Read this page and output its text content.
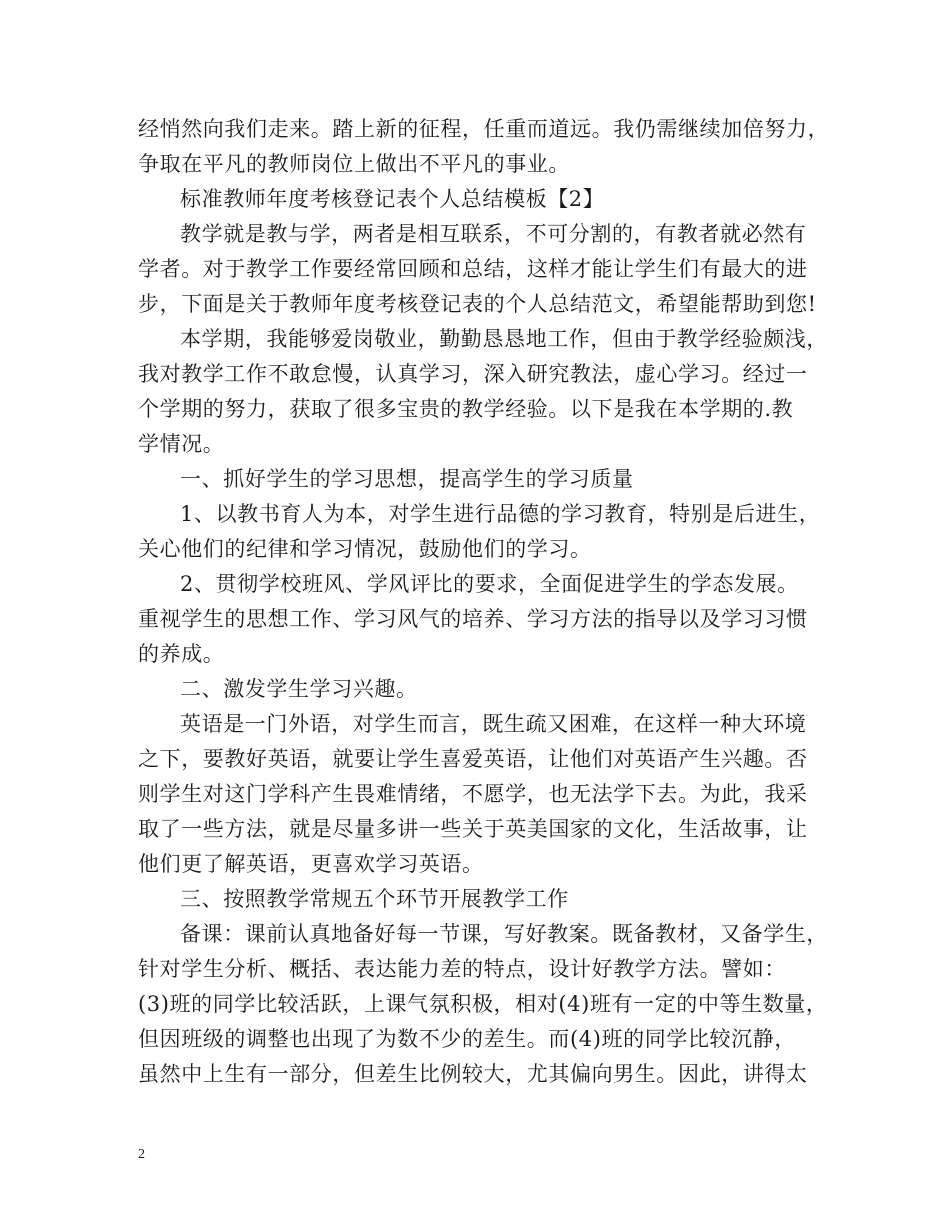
经悄然向我们走来。踏上新的征程，任重而道远。我仍需继续加倍努力，
争取在平凡的教师岗位上做出不平凡的事业。
标准教师年度考核登记表个人总结模板【2】
教学就是教与学，两者是相互联系，不可分割的，有教者就必然有
学者。对于教学工作要经常回顾和总结，这样才能让学生们有最大的进
步，下面是关于教师年度考核登记表的个人总结范文，希望能帮助到您!
本学期，我能够爱岗敬业，勤勤恳恳地工作，但由于教学经验颇浅，
我对教学工作不敢怠慢，认真学习，深入研究教法，虚心学习。经过一
个学期的努力，获取了很多宝贵的教学经验。以下是我在本学期的.教
学情况。
一、抓好学生的学习思想，提高学生的学习质量
1、以教书育人为本，对学生进行品德的学习教育，特别是后进生，
关心他们的纪律和学习情况，鼓励他们的学习。
2、贯彻学校班风、学风评比的要求，全面促进学生的学态发展。
重视学生的思想工作、学习风气的培养、学习方法的指导以及学习习惯
的养成。
二、激发学生学习兴趣。
英语是一门外语，对学生而言，既生疏又困难，在这样一种大环境
之下，要教好英语，就要让学生喜爱英语，让他们对英语产生兴趣。否
则学生对这门学科产生畏难情绪，不愿学，也无法学下去。为此，我采
取了一些方法，就是尽量多讲一些关于英美国家的文化，生活故事，让
他们更了解英语，更喜欢学习英语。
三、按照教学常规五个环节开展教学工作
备课：课前认真地备好每一节课，写好教案。既备教材，又备学生，
针对学生分析、概括、表达能力差的特点，设计好教学方法。譬如：
(3)班的同学比较活跃，上课气氛积极，相对(4)班有一定的中等生数量，
但因班级的调整也出现了为数不少的差生。而(4)班的同学比较沉静，
虽然中上生有一部分，但差生比例较大，尤其偏向男生。因此，讲得太
2
